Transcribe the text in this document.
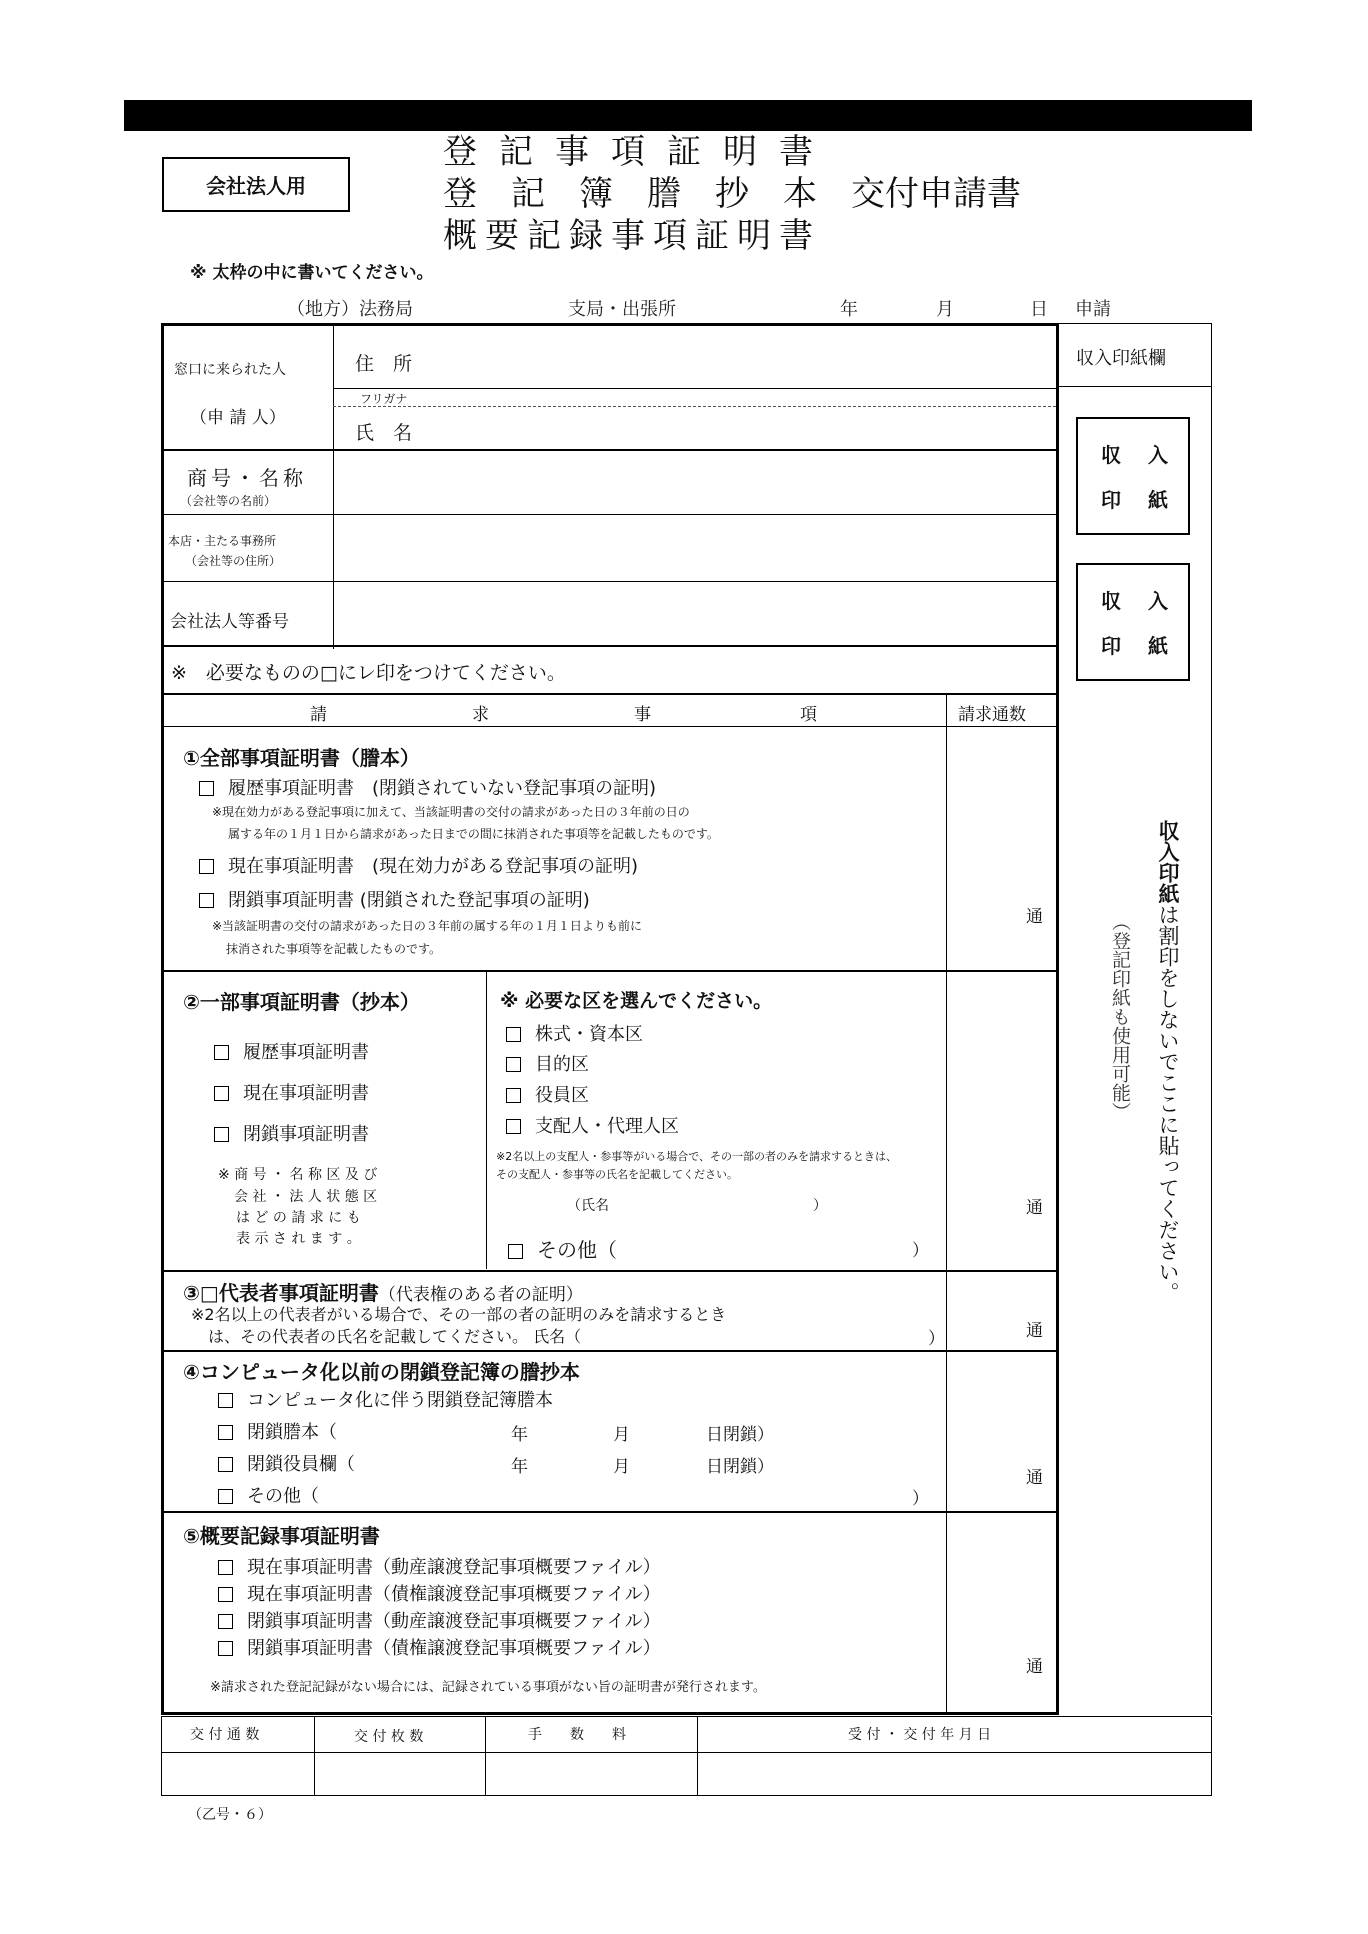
会社法人用
登記事項証明書
登記簿謄抄本交付申請書
概要記録事項証明書
※ 太枠の中に書いてください。
（地方）法務局	支局・出張所	年	月	日 申請
収入印紙欄
収 入
印 紙
収 入
印 紙
収入印紙は割印をしないでここに貼ってください。
（登記印紙も使用可能）
窓口に来られた人
（申 請 人）
住　所
フリガナ
氏　名
商号・名称
（会社等の名前）
本店・主たる事務所
（会社等の住所）
会社法人等番号
※　必要なものの□にレ印をつけてください。
請	求	事	項	請求通数
①全部事項証明書（謄本）
履歴事項証明書　(閉鎖されていない登記事項の証明)
※現在効力がある登記事項に加えて、当該証明書の交付の請求があった日の３年前の日の
属する年の１月１日から請求があった日までの間に抹消された事項等を記載したものです。
現在事項証明書　(現在効力がある登記事項の証明)
閉鎖事項証明書 (閉鎖された登記事項の証明)
※当該証明書の交付の請求があった日の３年前の属する年の１月１日よりも前に
抹消された事項等を記載したものです。
通
②一部事項証明書（抄本）
履歴事項証明書
現在事項証明書
閉鎖事項証明書
※ 商 号 ・ 名 称 区 及 び
会 社 ・ 法 人 状 態 区
は ど の 請 求 に も
表 示 さ れ ま す 。
※ 必要な区を選んでください。
株式・資本区
目的区
役員区
支配人・代理人区
※2名以上の支配人・参事等がいる場合で、その一部の者のみを請求するときは、
その支配人・参事等の氏名を記載してください。
（氏名	）
その他（	）
通
③□代表者事項証明書（代表権のある者の証明）
※2名以上の代表者がいる場合で、その一部の者の証明のみを請求するとき
は、その代表者の氏名を記載してください。 氏名（	）	通
④コンピュータ化以前の閉鎖登記簿の謄抄本
コンピュータ化に伴う閉鎖登記簿謄本
閉鎖謄本（	年	月	日閉鎖）
閉鎖役員欄（	年	月	日閉鎖）
その他（	）
通
⑤概要記録事項証明書
現在事項証明書（動産譲渡登記事項概要ファイル）
現在事項証明書（債権譲渡登記事項概要ファイル）
閉鎖事項証明書（動産譲渡登記事項概要ファイル）
閉鎖事項証明書（債権譲渡登記事項概要ファイル）
※請求された登記記録がない場合には、記録されている事項がない旨の証明書が発行されます。
通
交 付 通 数	交 付 枚 数	手　　数　　料	受 付 ・ 交 付 年 月 日
（乙号・６）
